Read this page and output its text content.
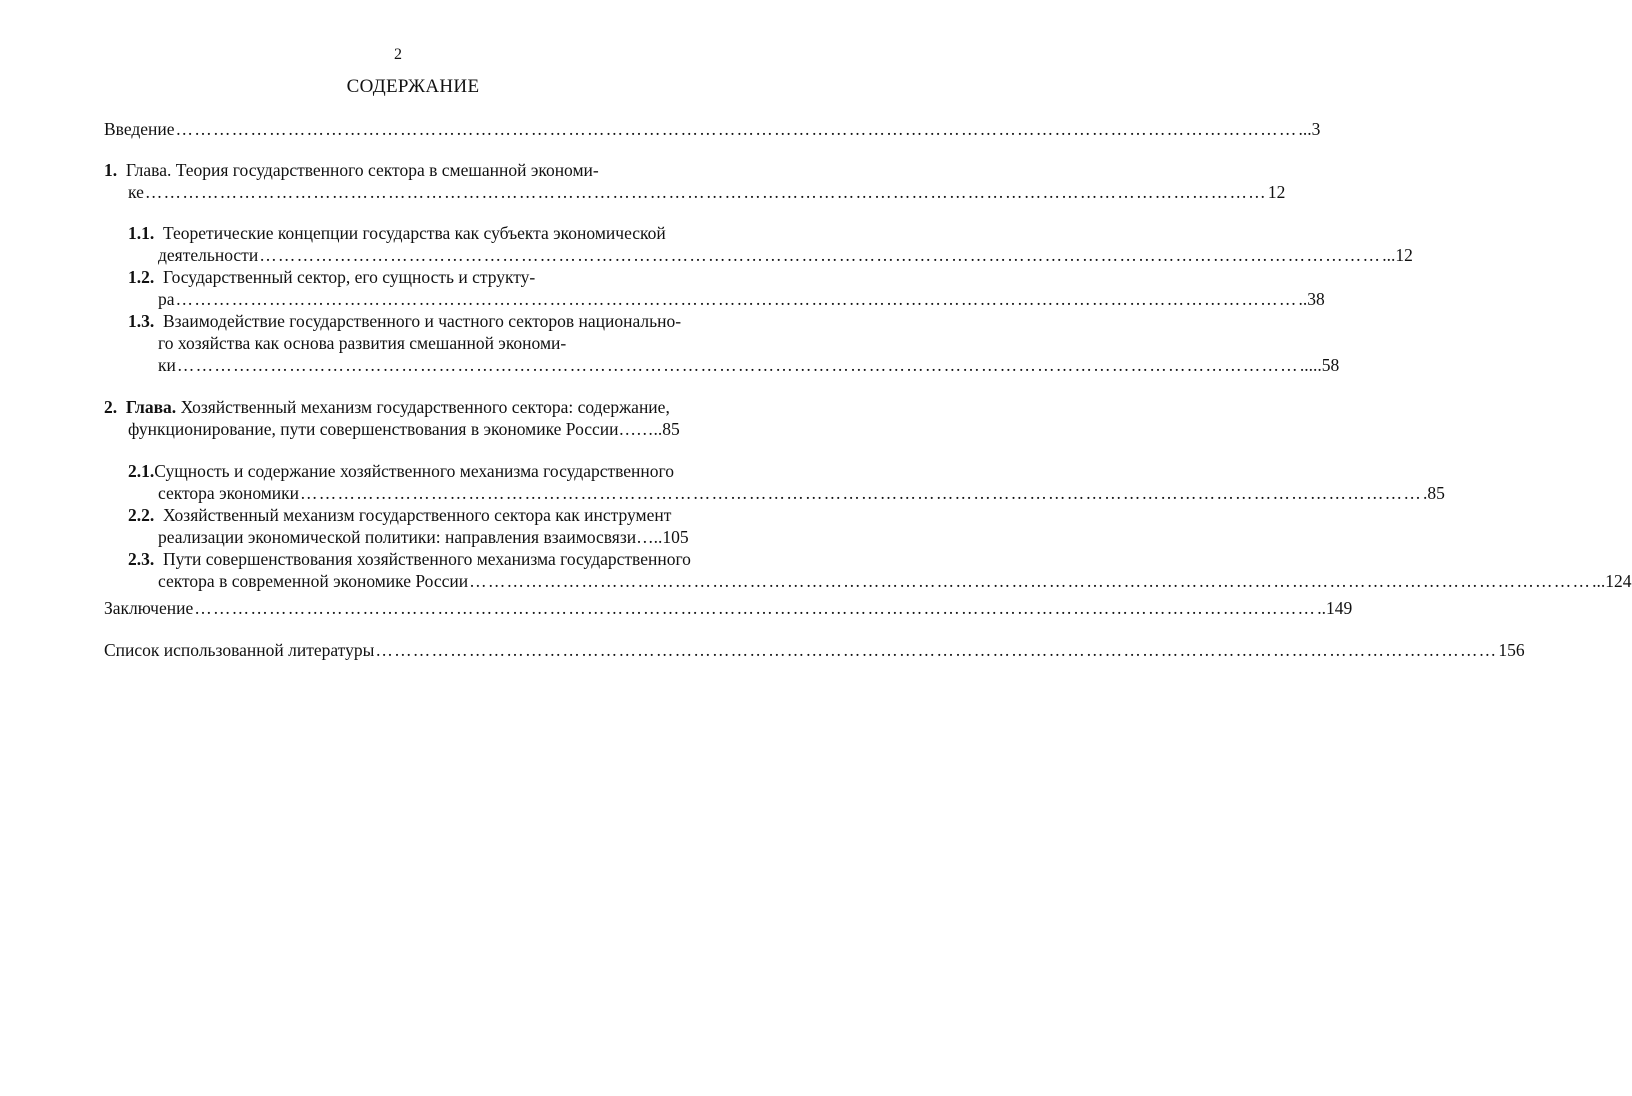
2
СОДЕРЖАНИЕ
Введение ……………………………………………………………………………………………………………………………………………………………… ...3
1. Глава. Теория государственного сектора в смешанной экономи-
ке ……………………………………………………………………………………………………………………………………………………………… 12
1.1. Теоретические концепции государства как субъекта экономической
деятельности ……………………………………………………………………………………………………………………………………………………………… ...12
1.2. Государственный сектор, его сущность и структу-
ра ……………………………………………………………………………………………………………………………………………………………… ..38
1.3. Взаимодействие государственного и частного секторов национально-
го хозяйства как основа развития смешанной экономи-
ки ……………………………………………………………………………………………………………………………………………………………… .....58
2. Глава. Хозяйственный механизм государственного сектора: содержание,
функционирование, пути совершенствования в экономике России ……..85
2.1.Сущность и содержание хозяйственного механизма государственного
сектора экономики ……………………………………………………………………………………………………………………………………………………………… .85
2.2. Хозяйственный механизм государственного сектора как инструмент
реализации экономической политики: направления взаимосвязи …..105
2.3. Пути совершенствования хозяйственного механизма государственного
сектора в современной экономике России ……………………………………………………………………………………………………………………………………………………………… ...124
Заключение ……………………………………………………………………………………………………………………………………………………………… ..149
Список использованной литературы ……………………………………………………………………………………………………………………………………………………………… 156
